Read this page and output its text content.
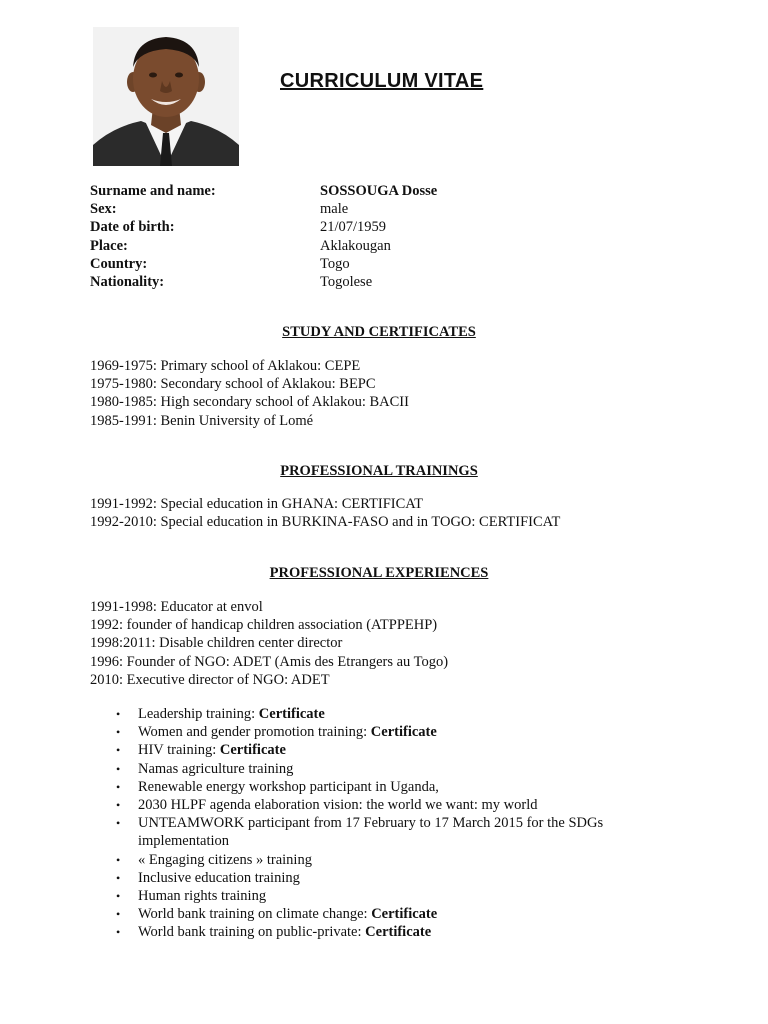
CURRICULUM VITAE
Surname and name:	SOSSOUGA Dosse
Sex:	male
Date of birth:	21/07/1959
Place:	Aklakougan
Country:	Togo
Nationality:	Togolese
STUDY AND CERTIFICATES
1969-1975: Primary school of Aklakou: CEPE
1975-1980: Secondary school of Aklakou: BEPC
1980-1985: High secondary school of Aklakou: BACII
1985-1991: Benin University of Lomé
PROFESSIONAL TRAININGS
1991-1992: Special education in GHANA: CERTIFICAT
1992-2010: Special education in BURKINA-FASO and in TOGO: CERTIFICAT
PROFESSIONAL EXPERIENCES
1991-1998: Educator at envol
1992: founder of handicap children association (ATPPEHP)
1998:2011: Disable children center director
1996: Founder of NGO: ADET (Amis des Etrangers au Togo)
2010: Executive director of NGO: ADET
• Leadership training: Certificate
• Women and gender promotion training: Certificate
• HIV training: Certificate
• Namas agriculture training
• Renewable energy workshop participant in Uganda,
• 2030 HLPF agenda elaboration vision: the world we want: my world
• UNTEAMWORK participant from 17 February to 17 March 2015 for the SDGs implementation
• « Engaging citizens » training
• Inclusive education training
• Human rights training
• World bank training on climate change: Certificate
• World bank training on public-private: Certificate
